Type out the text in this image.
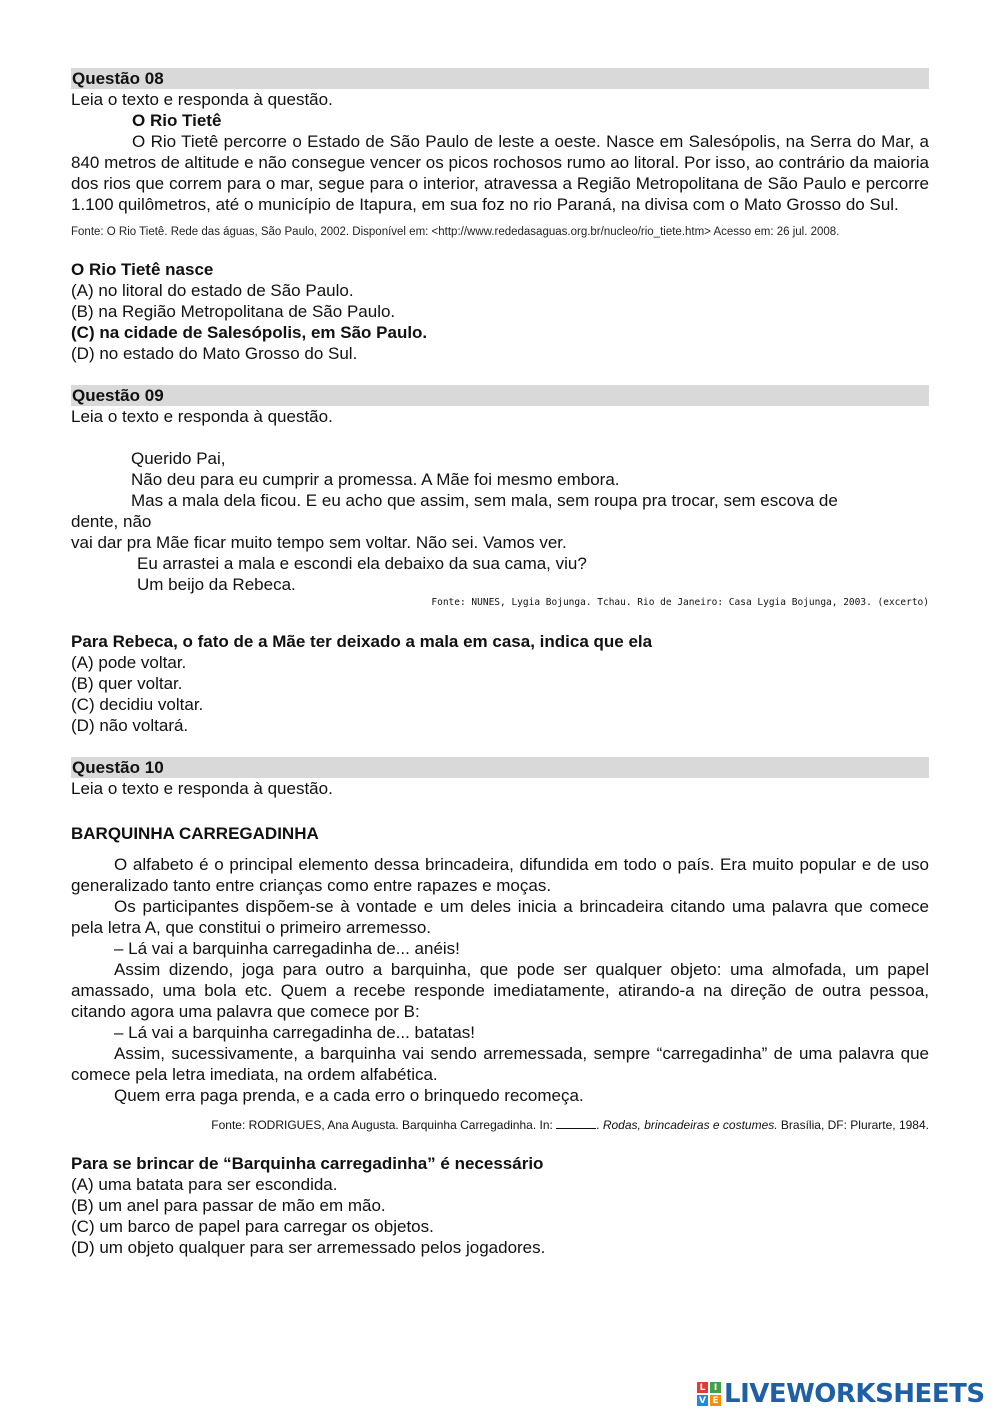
Questão 08

Leia o texto e responda à questão.

O Rio Tietê

O Rio Tietê percorre o Estado de São Paulo de leste a oeste. Nasce em Salesópolis, na Serra do Mar, a 840 metros de altitude e não consegue vencer os picos rochosos rumo ao litoral. Por isso, ao contrário da maioria dos rios que correm para o mar, segue para o interior, atravessa a Região Metropolitana de São Paulo e percorre 1.100 quilômetros, até o município de Itapura, em sua foz no rio Paraná, na divisa com o Mato Grosso do Sul.

Fonte: O Rio Tietê. Rede das águas, São Paulo, 2002. Disponível em: <http://www.rededasaguas.org.br/nucleo/rio_tiete.htm> Acesso em: 26 jul. 2008.

O Rio Tietê nasce

(A) no litoral do estado de São Paulo.

(B) na Região Metropolitana de São Paulo.

(C) na cidade de Salesópolis, em São Paulo.

(D) no estado do Mato Grosso do Sul.

Questão 09

Leia o texto e responda à questão.

Querido Pai,

Não deu para eu cumprir a promessa. A Mãe foi mesmo embora.

Mas a mala dela ficou. E eu acho que assim, sem mala, sem roupa pra trocar, sem escova de

dente, não

vai dar pra Mãe ficar muito tempo sem voltar. Não sei. Vamos ver.

Eu arrastei a mala e escondi ela debaixo da sua cama, viu?

Um beijo da Rebeca.

Fonte: NUNES, Lygia Bojunga. Tchau. Rio de Janeiro: Casa Lygia Bojunga, 2003. (excerto)

Para Rebeca, o fato de a Mãe ter deixado a mala em casa, indica que ela

(A) pode voltar.

(B) quer voltar.

(C) decidiu voltar.

(D) não voltará.

Questão 10

Leia o texto e responda à questão.

BARQUINHA CARREGADINHA

O alfabeto é o principal elemento dessa brincadeira, difundida em todo o país. Era muito popular e de uso generalizado tanto entre crianças como entre rapazes e moças.

Os participantes dispõem-se à vontade e um deles inicia a brincadeira citando uma palavra que comece pela letra A, que constitui o primeiro arremesso.

– Lá vai a barquinha carregadinha de... anéis!

Assim dizendo, joga para outro a barquinha, que pode ser qualquer objeto: uma almofada, um papel amassado, uma bola etc. Quem a recebe responde imediatamente, atirando-a na direção de outra pessoa, citando agora uma palavra que comece por B:

– Lá vai a barquinha carregadinha de... batatas!

Assim, sucessivamente, a barquinha vai sendo arremessada, sempre “carregadinha” de uma palavra que comece pela letra imediata, na ordem alfabética.

Quem erra paga prenda, e a cada erro o brinquedo recomeça.

Fonte: RODRIGUES, Ana Augusta. Barquinha Carregadinha. In:	. Rodas, brincadeiras e costumes. Brasília, DF: Plurarte, 1984.

Para se brincar de “Barquinha carregadinha” é necessário

(A) uma batata para ser escondida.

(B) um anel para passar de mão em mão.

(C) um barco de papel para carregar os objetos.

(D) um objeto qualquer para ser arremessado pelos jogadores.

L I
V E LIVEWORKSHEETS
